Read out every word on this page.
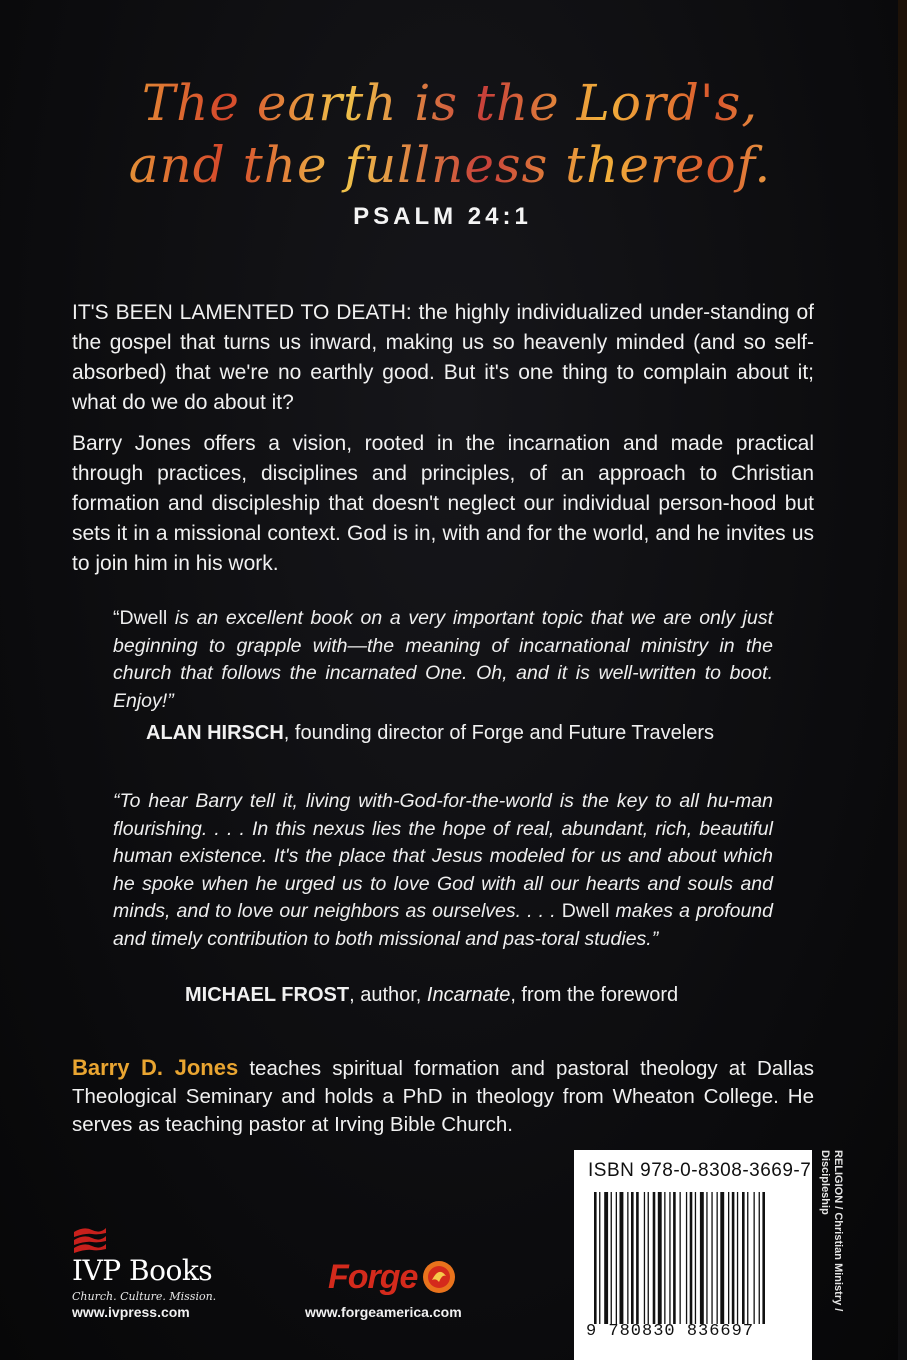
The earth is the Lord's,
and the fullness thereof.
PSALM 24:1

IT'S BEEN LAMENTED TO DEATH: the highly individualized under-standing of the gospel that turns us inward, making us so heavenly minded (and so self-absorbed) that we're no earthly good. But it's one thing to complain about it; what do we do about it?

Barry Jones offers a vision, rooted in the incarnation and made practical through practices, disciplines and principles, of an approach to Christian formation and discipleship that doesn't neglect our individual person-hood but sets it in a missional context. God is in, with and for the world, and he invites us to join him in his work.

“Dwell is an excellent book on a very important topic that we are only just beginning to grapple with—the meaning of incarnational ministry in the church that follows the incarnated One. Oh, and it is well-written to boot. Enjoy!”

ALAN HIRSCH, founding director of Forge and Future Travelers

“To hear Barry tell it, living with-God-for-the-world is the key to all hu-man flourishing. . . . In this nexus lies the hope of real, abundant, rich, beautiful human existence. It's the place that Jesus modeled for us and about which he spoke when he urged us to love God with all our hearts and souls and minds, and to love our neighbors as ourselves. . . . Dwell makes a profound and timely contribution to both missional and pas-toral studies.”

MICHAEL FROST, author, Incarnate, from the foreword

Barry D. Jones teaches spiritual formation and pastoral theology at Dallas Theological Seminary and holds a PhD in theology from Wheaton College. He serves as teaching pastor at Irving Bible Church.

ISBN 978-0-8308-3669-7
9 780830 836697
RELIGION / Christian Ministry / Discipleship
IVP Books
Church. Culture. Mission.
www.ivpress.com
Forge
www.forgeamerica.com
